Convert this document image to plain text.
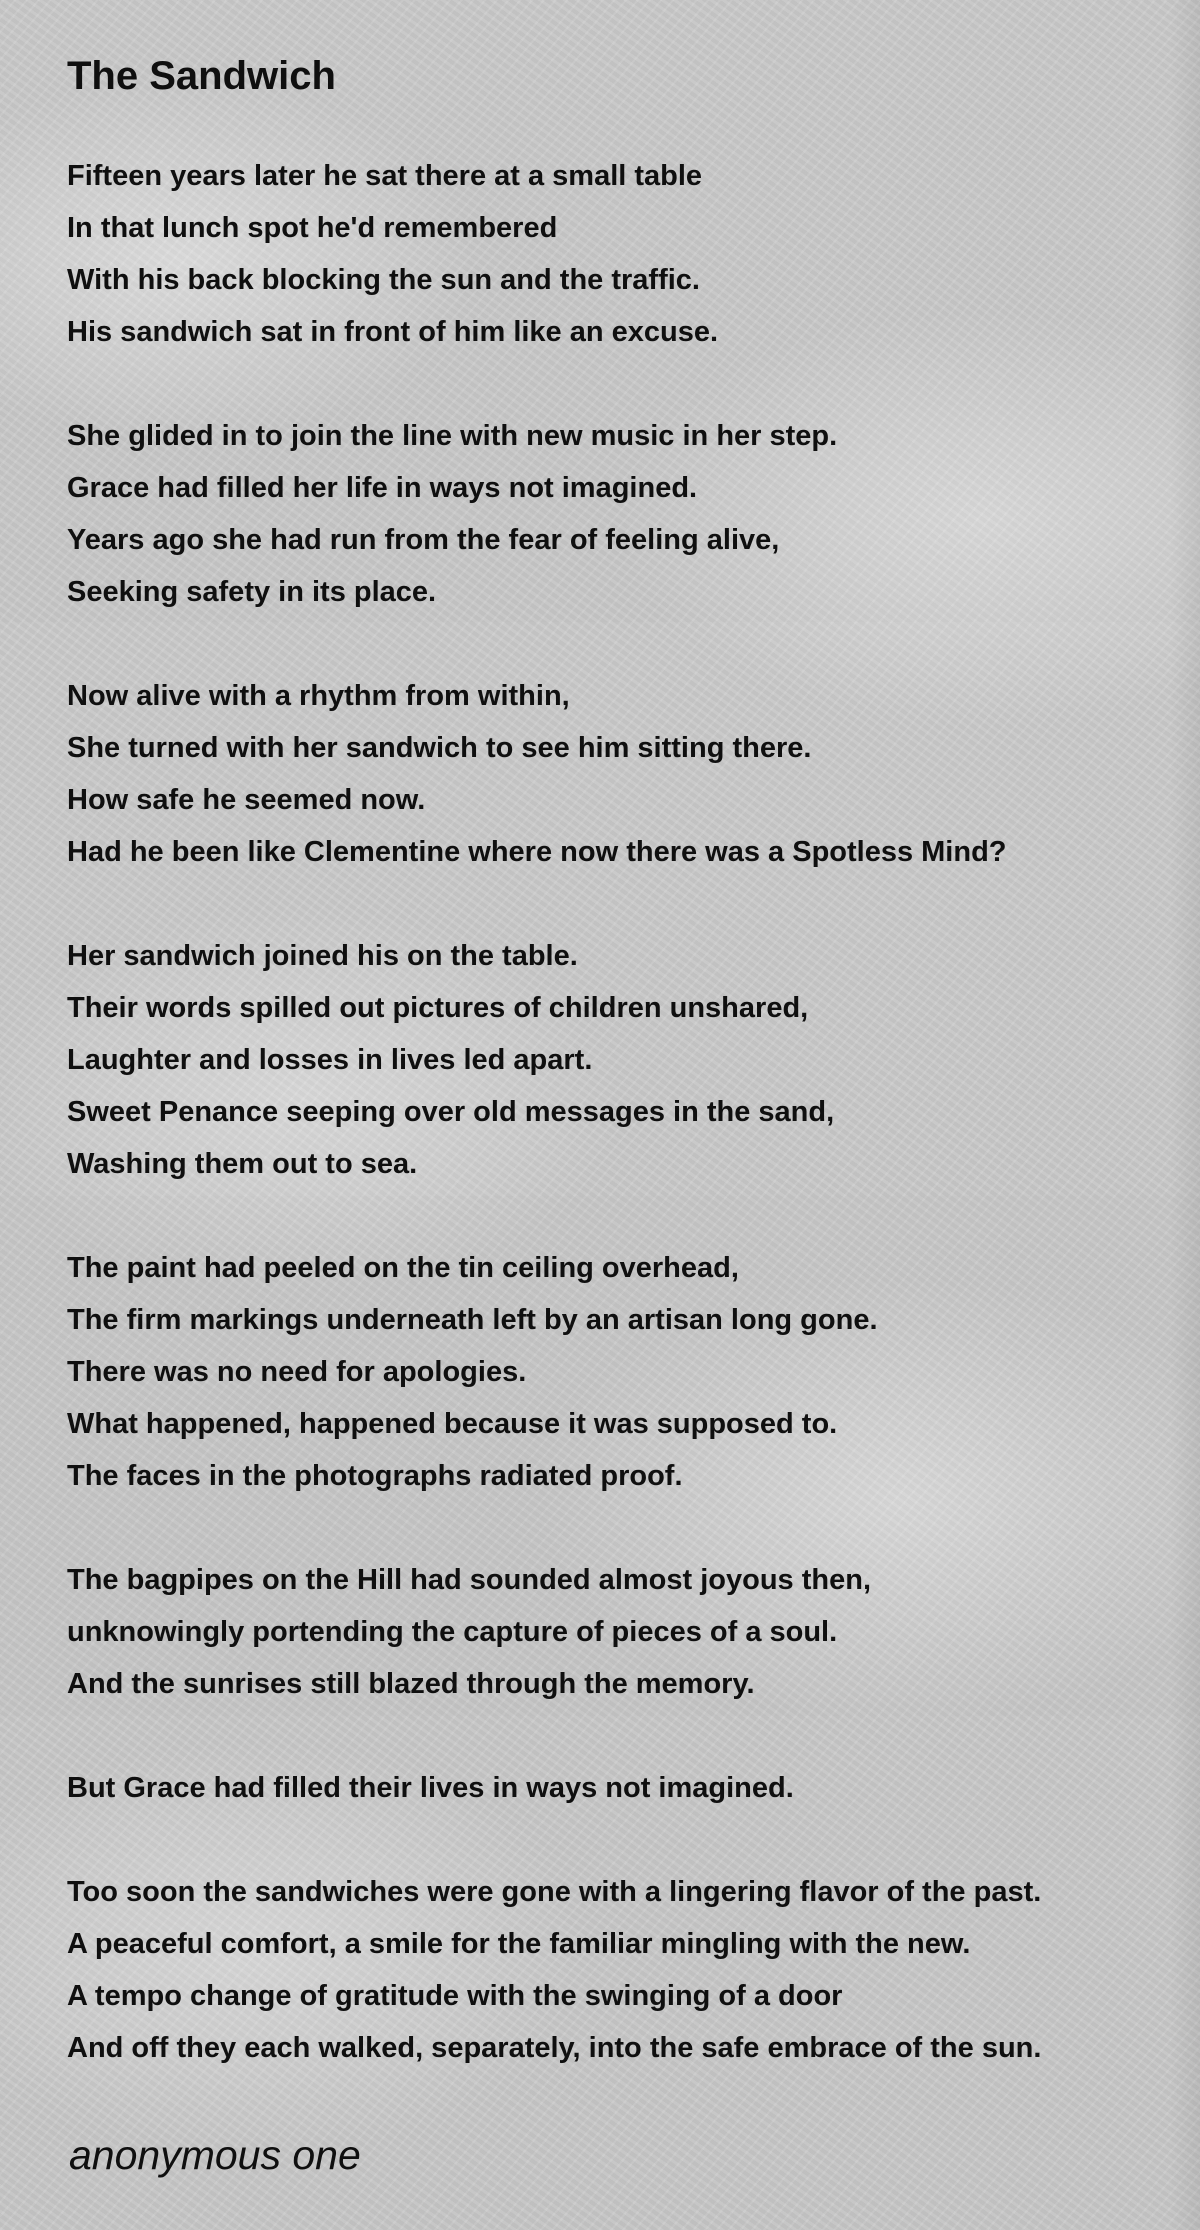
The Sandwich
Fifteen years later he sat there at a small table
In that lunch spot he'd remembered
With his back blocking the sun and the traffic.
His sandwich sat in front of him like an excuse.
She glided in to join the line with new music in her step.
Grace had filled her life in ways not imagined.
Years ago she had run from the fear of feeling alive,
Seeking safety in its place.
Now alive with a rhythm from within,
She turned with her sandwich to see him sitting there.
How safe he seemed now.
Had he been like Clementine where now there was a Spotless Mind?
Her sandwich joined his on the table.
Their words spilled out pictures of children unshared,
Laughter and losses in lives led apart.
Sweet Penance seeping over old messages in the sand,
Washing them out to sea.
The paint had peeled on the tin ceiling overhead,
The firm markings underneath left by an artisan long gone.
There was no need for apologies.
What happened, happened because it was supposed to.
The faces in the photographs radiated proof.
The bagpipes on the Hill had sounded almost joyous then,
unknowingly portending the capture of pieces of a soul.
And the sunrises still blazed through the memory.
But Grace had filled their lives in ways not imagined.
Too soon the sandwiches were gone with a lingering flavor of the past.
A peaceful comfort, a smile for the familiar mingling with the new.
A tempo change of gratitude with the swinging of a door
And off they each walked, separately, into the safe embrace of the sun.
anonymous one
